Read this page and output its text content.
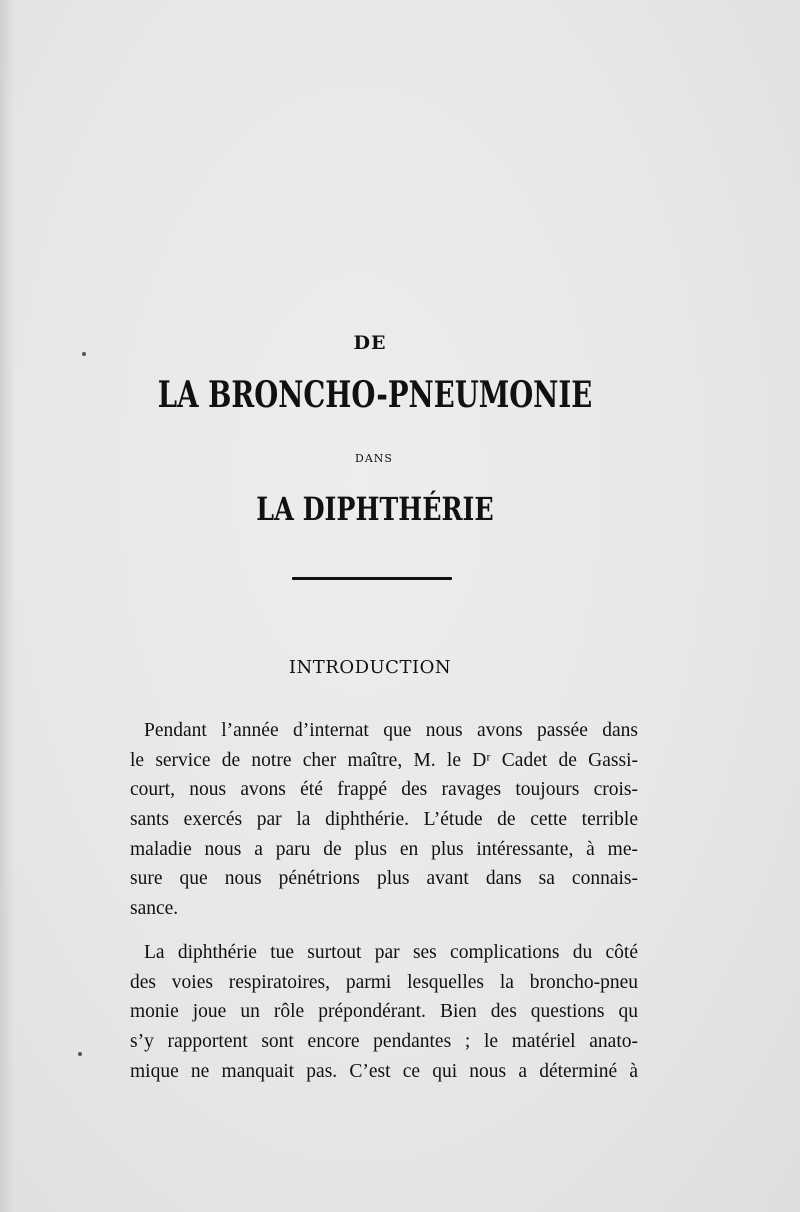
DE
LA BRONCHO-PNEUMONIE
DANS
LA DIPHTHÉRIE
INTRODUCTION
Pendant l’année d’internat que nous avons passée dans
le service de notre cher maître, M. le Dʳ Cadet de Gassi-
court, nous avons été frappé des ravages toujours crois-
sants exercés par la diphthérie. L’étude de cette terrible
maladie nous a paru de plus en plus intéressante, à me-
sure que nous pénétrions plus avant dans sa connais-
sance.
La diphthérie tue surtout par ses complications du côté
des voies respiratoires, parmi lesquelles la broncho-pneu
monie joue un rôle prépondérant. Bien des questions qu
s’y rapportent sont encore pendantes ; le matériel anato-
mique ne manquait pas. C’est ce qui nous a déterminé à
